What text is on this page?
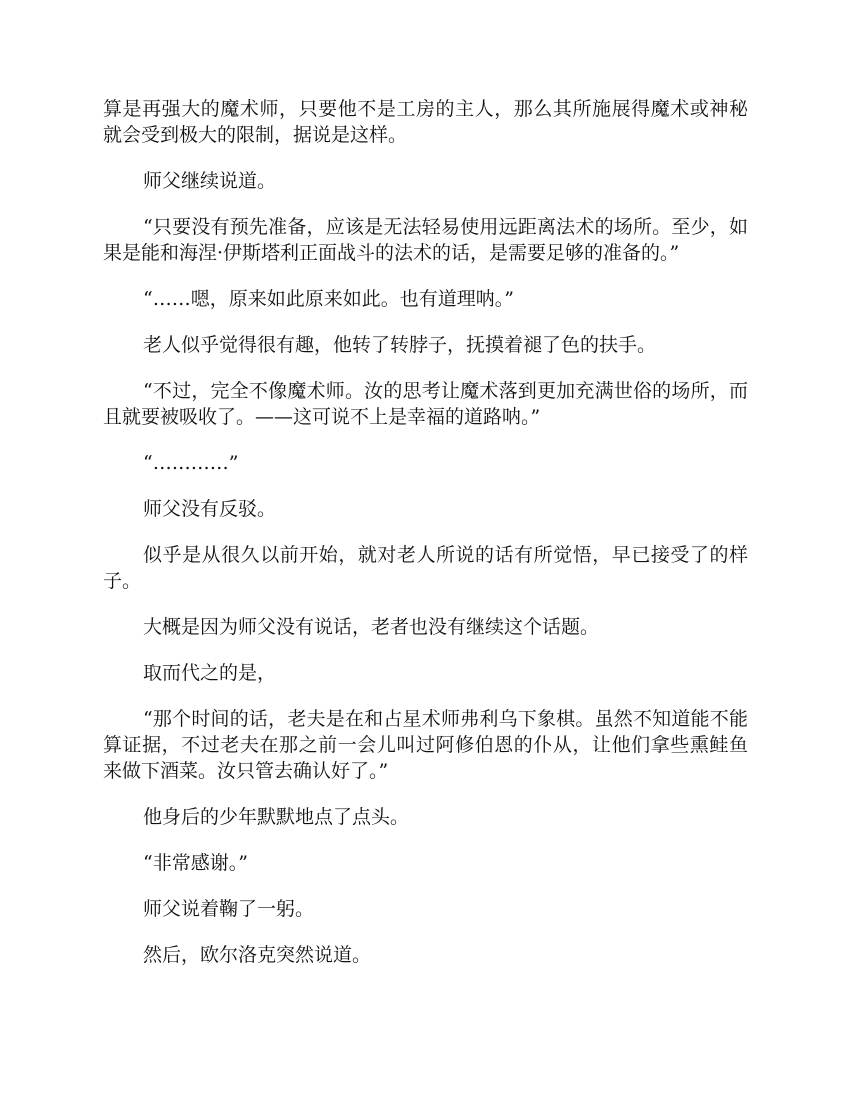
算是再强大的魔术师，只要他不是工房的主人，那么其所施展得魔术或神秘就会受到极大的限制，据说是这样。

师父继续说道。

“只要没有预先准备，应该是无法轻易使用远距离法术的场所。至少，如果是能和海涅·伊斯塔利正面战斗的法术的话，是需要足够的准备的。”

“……嗯，原来如此原来如此。也有道理呐。”

老人似乎觉得很有趣，他转了转脖子，抚摸着褪了色的扶手。

“不过，完全不像魔术师。汝的思考让魔术落到更加充满世俗的场所，而且就要被吸收了。——这可说不上是幸福的道路呐。”

“…………”

师父没有反驳。

似乎是从很久以前开始，就对老人所说的话有所觉悟，早已接受了的样子。

大概是因为师父没有说话，老者也没有继续这个话题。

取而代之的是，

“那个时间的话，老夫是在和占星术师弗利乌下象棋。虽然不知道能不能算证据，不过老夫在那之前一会儿叫过阿修伯恩的仆从，让他们拿些熏鲑鱼来做下酒菜。汝只管去确认好了。”

他身后的少年默默地点了点头。

“非常感谢。”

师父说着鞠了一躬。

然后，欧尔洛克突然说道。
